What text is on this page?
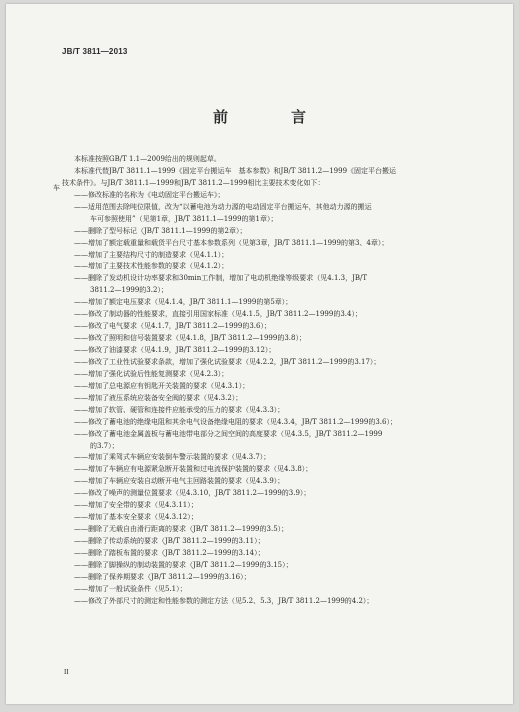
JB/T 3811—2013
前　言
车
本标准按照GB/T 1.1—2009给出的规则起草。
本标准代替JB/T 3811.1—1999《固定平台搬运车　基本参数》和JB/T 3811.2—1999《固定平台搬运
技术条件》。与JB/T 3811.1—1999和JB/T 3811.2—1999相比主要技术变化如下：
——修改标准的名称为《电动固定平台搬运车》；
——适用范围去除吨位限值，改为“以蓄电池为动力源的电动固定平台搬运车，其他动力源的搬运
车可参照使用”（见第1章，JB/T 3811.1—1999的第1章）；
——删除了型号标记（JB/T 3811.1—1999的第2章）；
——增加了额定载重量和载货平台尺寸基本参数系列（见第3章，JB/T 3811.1—1999的第3、4章）；
——增加了主要结构尺寸的制造要求（见4.1.1）；
——增加了主要技术性能参数的要求（见4.1.2）；
——删除了发动机设计功率要求和30min工作制，增加了电动机绝缘等级要求（见4.1.3，JB/T
3811.2—1999的3.2）；
——增加了额定电压要求（见4.1.4，JB/T 3811.1—1999的第5章）；
——修改了制动器的性能要求，直接引用国家标准（见4.1.5，JB/T 3811.2—1999的3.4）；
——修改了电气要求（见4.1.7，JB/T 3811.2—1999的3.6）；
——修改了照明和信号装置要求（见4.1.8，JB/T 3811.2—1999的3.8）；
——修改了油漆要求（见4.1.9，JB/T 3811.2—1999的3.12）；
——修改了工业性试验要求条款，增加了强化试验要求（见4.2.2，JB/T 3811.2—1999的3.17）；
——增加了强化试验后性能复测要求（见4.2.3）；
——增加了总电源应有钥匙开关装置的要求（见4.3.1）；
——增加了液压系统应装备安全阀的要求（见4.3.2）；
——增加了软管、硬管和连接件应能承受的压力的要求（见4.3.3）；
——修改了蓄电池的绝缘电阻和其余电气设备绝缘电阻的要求（见4.3.4，JB/T 3811.2—1999的3.6）；
——修改了蓄电池金属盖板与蓄电池带电部分之间空间的高度要求（见4.3.5，JB/T 3811.2—1999
的3.7）；
——增加了乘驾式车辆应安装倒车警示装置的要求（见4.3.7）；
——增加了车辆应有电源紧急断开装置和过电流保护装置的要求（见4.3.8）；
——增加了车辆应安装自动断开电气主回路装置的要求（见4.3.9）；
——修改了噪声的测量位置要求（见4.3.10，JB/T 3811.2—1999的3.9）；
——增加了安全带的要求（见4.3.11）；
——增加了基本安全要求（见4.3.12）；
——删除了无载自由滑行距离的要求（JB/T 3811.2—1999的3.5）；
——删除了传动系统的要求（JB/T 3811.2—1999的3.11）；
——删除了踏板布置的要求（JB/T 3811.2—1999的3.14）；
——删除了脚操纵的制动装置的要求（JB/T 3811.2—1999的3.15）；
——删除了保养期要求（JB/T 3811.2—1999的3.16）；
——增加了一般试验条件（见5.1）；
——修改了外部尺寸的测定和性能参数的测定方法（见5.2、5.3，JB/T 3811.2—1999的4.2）；
II
